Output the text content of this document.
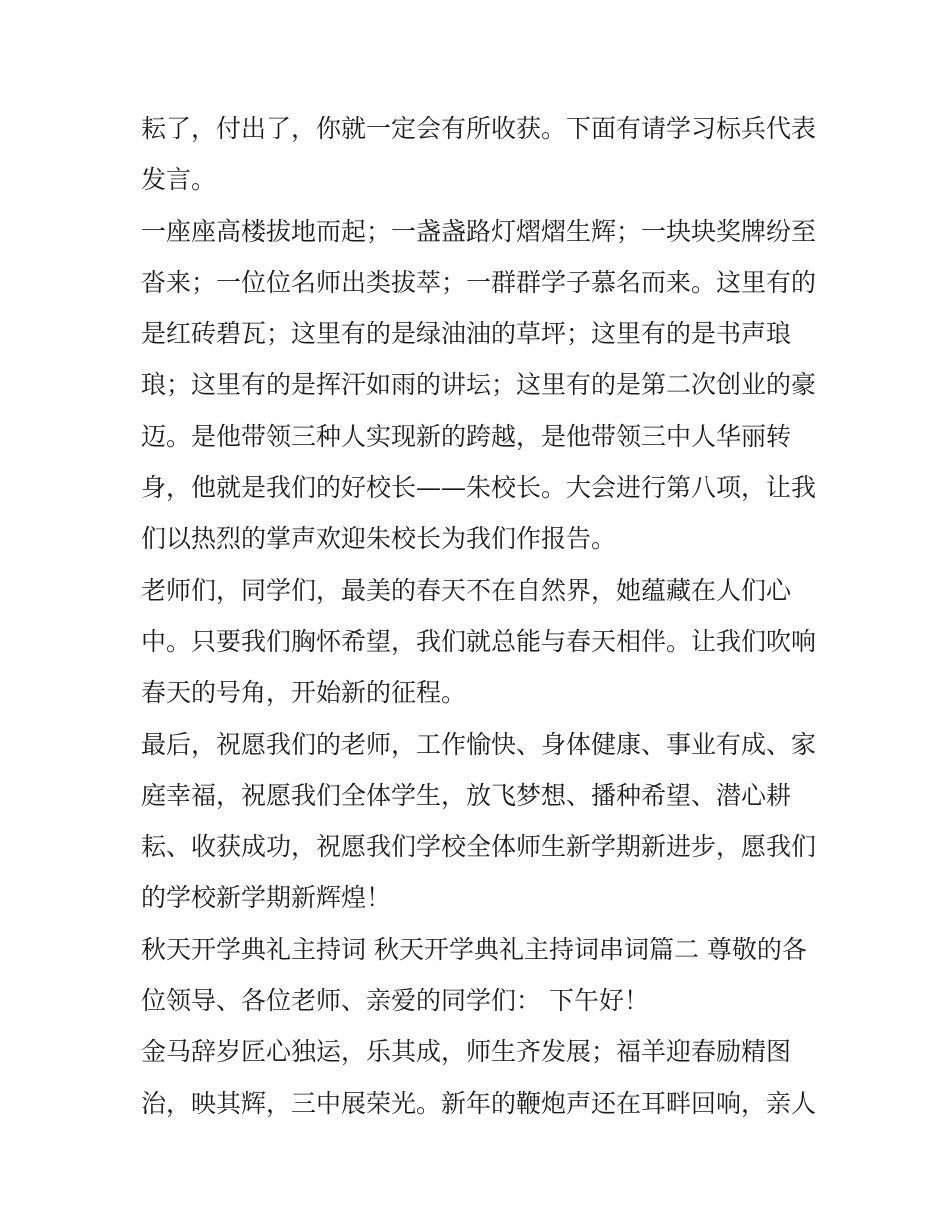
耘了，付出了，你就一定会有所收获。下面有请学习标兵代表
发言。
一座座高楼拔地而起；一盏盏路灯熠熠生辉；一块块奖牌纷至
沓来；一位位名师出类拔萃；一群群学子慕名而来。这里有的
是红砖碧瓦；这里有的是绿油油的草坪；这里有的是书声琅
琅；这里有的是挥汗如雨的讲坛；这里有的是第二次创业的豪
迈。是他带领三种人实现新的跨越，是他带领三中人华丽转
身，他就是我们的好校长——朱校长。大会进行第八项，让我
们以热烈的掌声欢迎朱校长为我们作报告。
老师们，同学们，最美的春天不在自然界，她蕴藏在人们心
中。只要我们胸怀希望，我们就总能与春天相伴。让我们吹响
春天的号角，开始新的征程。
最后，祝愿我们的老师，工作愉快、身体健康、事业有成、家
庭幸福，祝愿我们全体学生，放飞梦想、播种希望、潜心耕
耘、收获成功，祝愿我们学校全体师生新学期新进步，愿我们
的学校新学期新辉煌！
秋天开学典礼主持词 秋天开学典礼主持词串词篇二 尊敬的各
位领导、各位老师、亲爱的同学们： 下午好！
金马辞岁匠心独运，乐其成，师生齐发展；福羊迎春励精图
治，映其辉，三中展荣光。新年的鞭炮声还在耳畔回响，亲人
